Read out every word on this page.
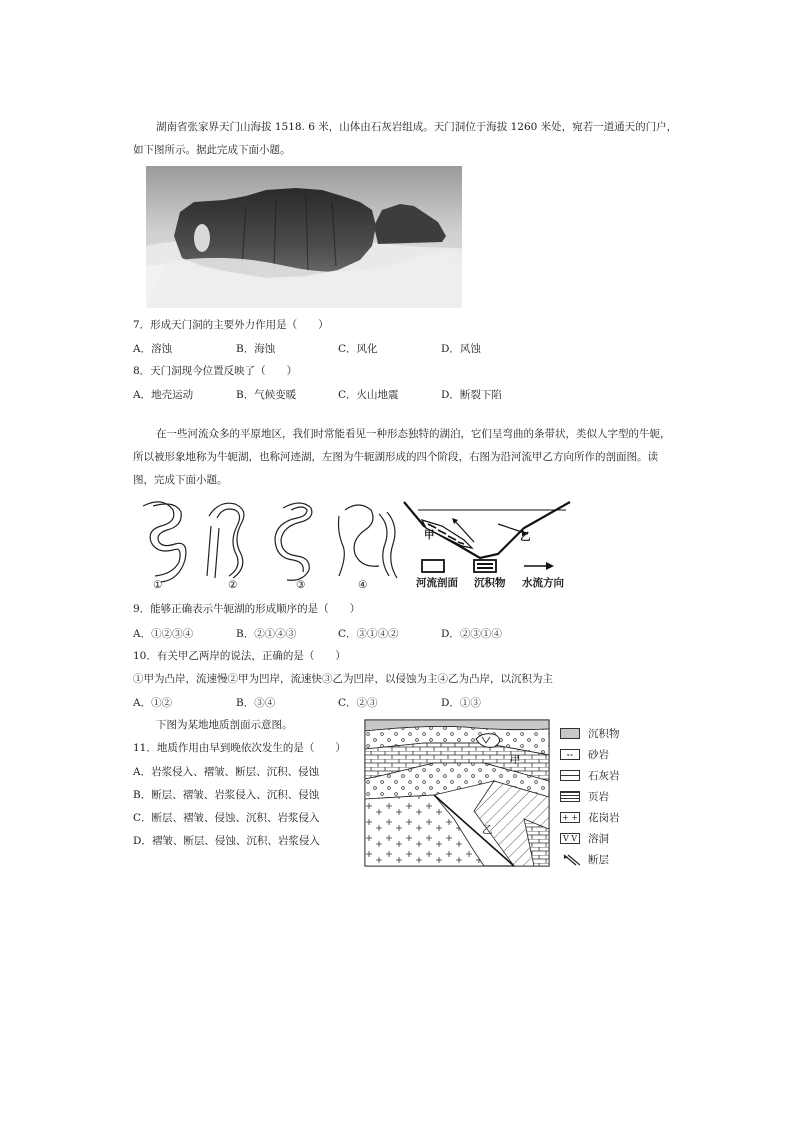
湖南省张家界天门山海拔 1518. 6 米，山体由石灰岩组成。天门洞位于海拔 1260 米处，宛若一道通天的门户，
如下图所示。据此完成下面小题。
7．形成天门洞的主要外力作用是（　　）
A．溶蚀	B．海蚀	C．风化	D．风蚀
8．天门洞现今位置反映了（　　）
A．地壳运动	B．气候变暖	C．火山地震	D．断裂下陷
在一些河流众多的平原地区，我们时常能看见一种形态独特的湖泊，它们呈弯曲的条带状，类似人字型的牛轭，
所以被形象地称为牛轭湖，也称河迹湖，左图为牛轭湖形成的四个阶段，右图为沿河流甲乙方向所作的剖面图。读
图，完成下面小题。
①	②	③	④
甲	乙
河流剖面 沉积物 水流方向
9．能够正确表示牛轭湖的形成顺序的是（　　）
A．①②③④	B．②①④③	C．③①④②	D．②③①④
10．有关甲乙两岸的说法，正确的是（　　）
①甲为凸岸，流速慢②甲为凹岸，流速快③乙为凹岸，以侵蚀为主④乙为凸岸，以沉积为主
A．①②	B．③④	C．②③	D．①③
下图为某地地质剖面示意图。
11．地质作用由早到晚依次发生的是（　　）
A．岩浆侵入、褶皱、断层、沉积、侵蚀
B．断层、褶皱、岩浆侵入、沉积、侵蚀
C．断层、褶皱、侵蚀、沉积、岩浆侵入
D．褶皱、断层、侵蚀、沉积、岩浆侵入
甲
乙
沉积物
∘∘	砂岩
石灰岩
页岩
+ + 花岗岩
V V 溶洞
断层
